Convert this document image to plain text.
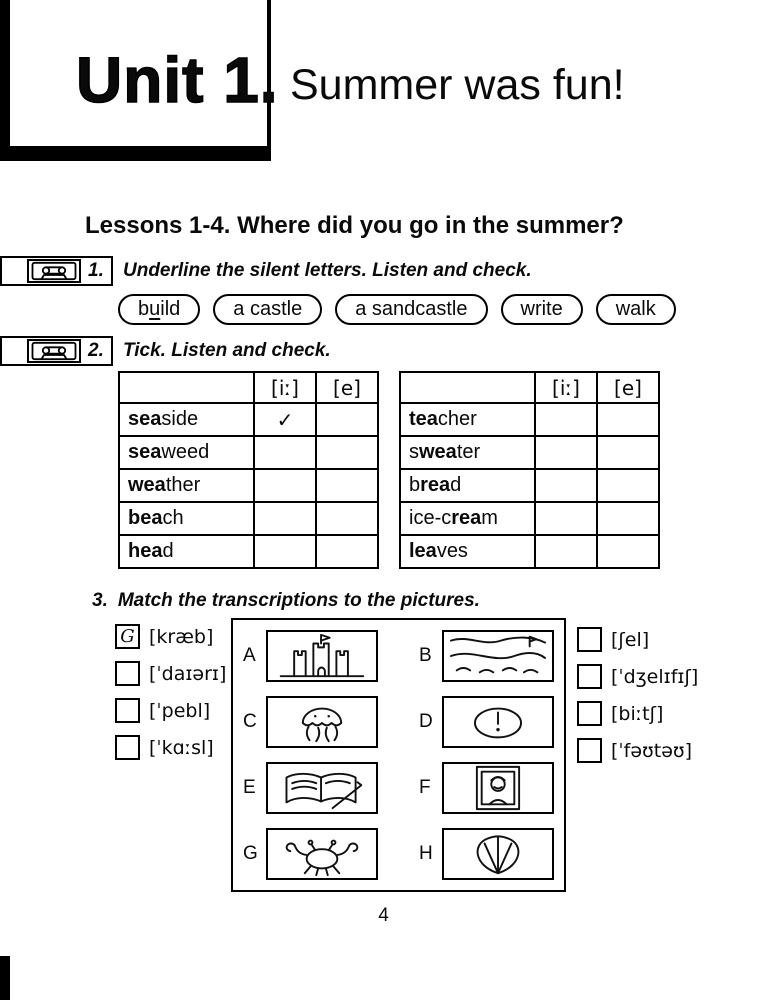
Unit 1. Summer was fun!
Lessons 1-4. Where did you go in the summer?
1. Underline the silent letters. Listen and check.
b u ild	a castle	a sandcastle	write	walk
2. Tick. Listen and check.
	[iː]	[e]
seaside	✓	
seaweed		
weather		
beach		
head		
	[iː]	[e]
teacher		
sweater		
bread		
ice-cream		
leaves		
3. Match the transcriptions to the pictures.
G [kræb]
[ˈdaɪərɪ]
[ˈpebl]
[ˈkɑːsl]
A	B
C	D
E	F
G	H
[ʃel]
[ˈdʒelɪfɪʃ]
[biːtʃ]
[ˈfəʊtəʊ]
4
